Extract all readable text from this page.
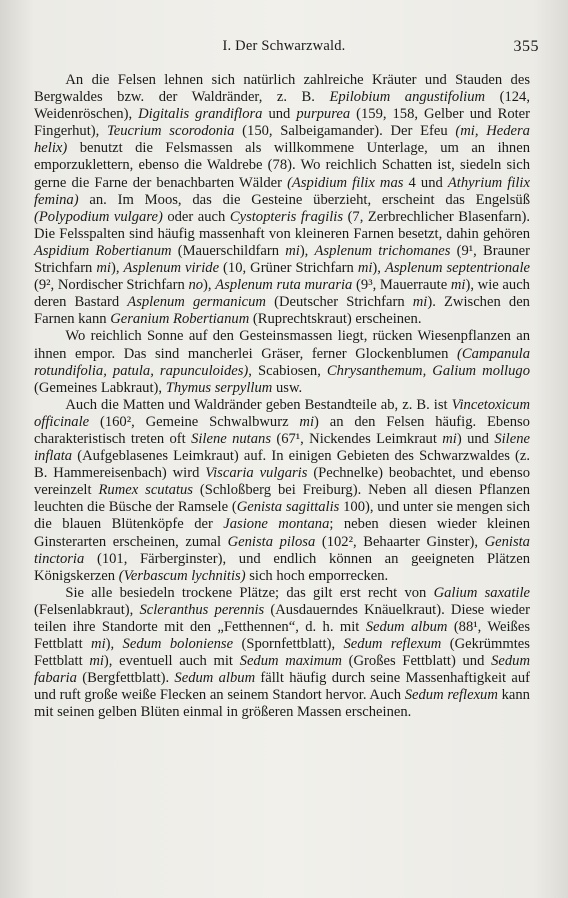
I. Der Schwarzwald.	355

An die Felsen lehnen sich natürlich zahlreiche Kräuter und Stauden des Bergwaldes bzw. der Waldränder, z. B. Epilobium angustifolium (124, Weidenröschen), Digitalis grandiflora und purpurea (159, 158, Gelber und Roter Fingerhut), Teucrium scorodonia (150, Salbeigamander). Der Efeu (mi, Hedera helix) benutzt die Felsmassen als willkommene Unterlage, um an ihnen emporzuklettern, ebenso die Waldrebe (78). Wo reichlich Schatten ist, siedeln sich gerne die Farne der benachbarten Wälder (Aspidium filix mas 4 und Athyrium filix femina) an. Im Moos, das die Gesteine überzieht, erscheint das Engelsüß (Polypodium vulgare) oder auch Cystopteris fragilis (7, Zerbrechlicher Blasenfarn). Die Felsspalten sind häufig massenhaft von kleineren Farnen besetzt, dahin gehören Aspidium Robertianum (Mauerschildfarn mi), Asplenum trichomanes (9¹, Brauner Strichfarn mi), Asplenum viride (10, Grüner Strichfarn mi), Asplenum septentrionale (9², Nordischer Strichfarn no), Asplenum ruta muraria (9³, Mauerraute mi), wie auch deren Bastard Asplenum germanicum (Deutscher Strichfarn mi). Zwischen den Farnen kann Geranium Robertianum (Ruprechtskraut) erscheinen.

Wo reichlich Sonne auf den Gesteinsmassen liegt, rücken Wiesenpflanzen an ihnen empor. Das sind mancherlei Gräser, ferner Glockenblumen (Campanula rotundifolia, patula, rapunculoides), Scabiosen, Chrysanthemum, Galium mollugo (Gemeines Labkraut), Thymus serpyllum usw.

Auch die Matten und Waldränder geben Bestandteile ab, z. B. ist Vincetoxicum officinale (160², Gemeine Schwalbwurz mi) an den Felsen häufig. Ebenso charakteristisch treten oft Silene nutans (67¹, Nickendes Leimkraut mi) und Silene inflata (Aufgeblasenes Leimkraut) auf. In einigen Gebieten des Schwarzwaldes (z. B. Hammereisenbach) wird Viscaria vulgaris (Pechnelke) beobachtet, und ebenso vereinzelt Rumex scutatus (Schloßberg bei Freiburg). Neben all diesen Pflanzen leuchten die Büsche der Ramsele (Genista sagittalis 100), und unter sie mengen sich die blauen Blütenköpfe der Jasione montana; neben diesen wieder kleinen Ginsterarten erscheinen, zumal Genista pilosa (102², Behaarter Ginster), Genista tinctoria (101, Färberginster), und endlich können an geeigneten Plätzen Königskerzen (Verbascum lychnitis) sich hoch emporrecken.

Sie alle besiedeln trockene Plätze; das gilt erst recht von Galium saxatile (Felsenlabkraut), Scleranthus perennis (Ausdauerndes Knäuelkraut). Diese wieder teilen ihre Standorte mit den „Fetthennen“, d. h. mit Sedum album (88¹, Weißes Fettblatt mi), Sedum boloniense (Spornfettblatt), Sedum reflexum (Gekrümmtes Fettblatt mi), eventuell auch mit Sedum maximum (Großes Fettblatt) und Sedum fabaria (Bergfettblatt). Sedum album fällt häufig durch seine Massenhaftigkeit auf und ruft große weiße Flecken an seinem Standort hervor. Auch Sedum reflexum kann mit seinen gelben Blüten einmal in größeren Massen erscheinen.
